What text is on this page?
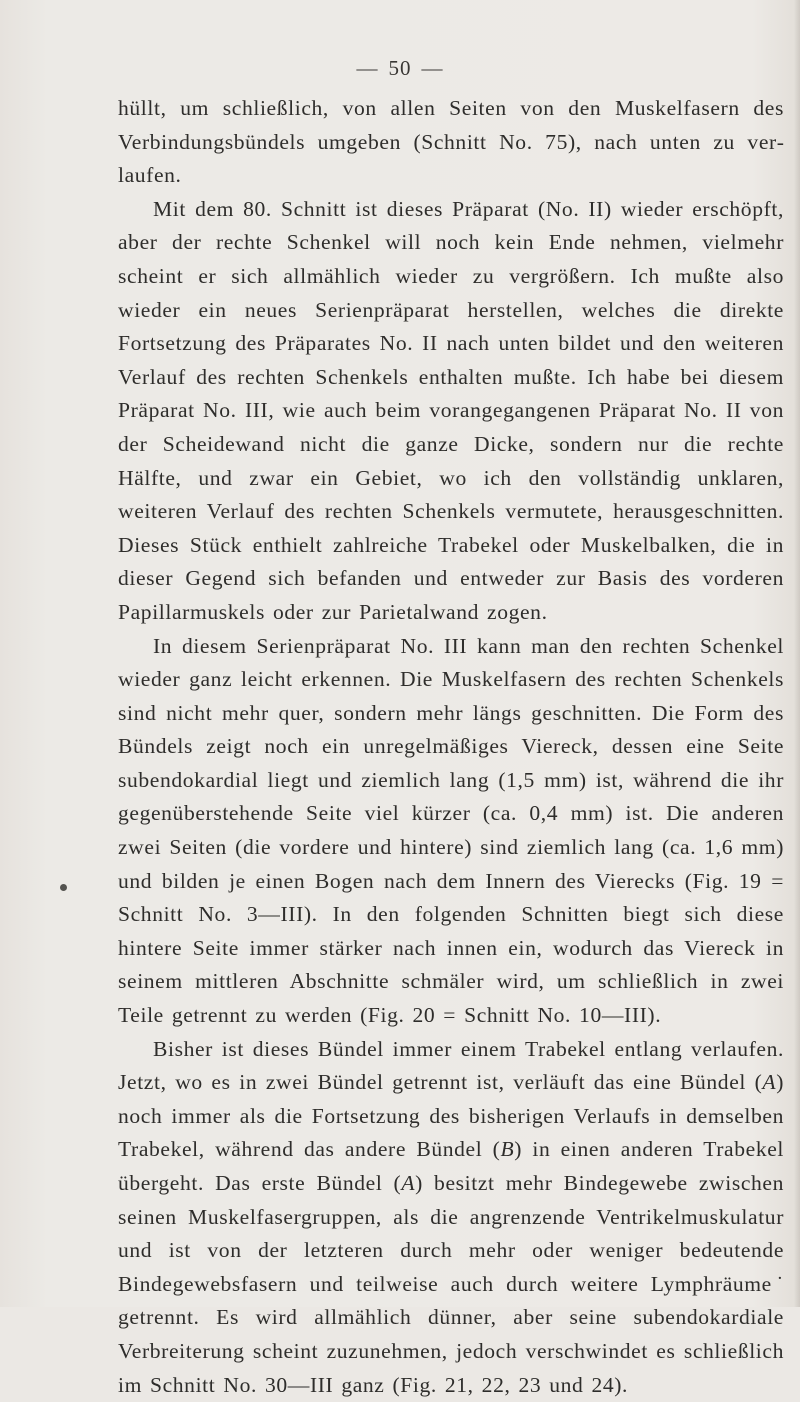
— 50 —

hüllt, um schließlich, von allen Seiten von den Muskelfasern des Verbindungsbündels umgeben (Schnitt No. 75), nach unten zu verlaufen.

Mit dem 80. Schnitt ist dieses Präparat (No. II) wieder erschöpft, aber der rechte Schenkel will noch kein Ende nehmen, vielmehr scheint er sich allmählich wieder zu vergrößern. Ich mußte also wieder ein neues Serienpräparat herstellen, welches die direkte Fortsetzung des Präparates No. II nach unten bildet und den weiteren Verlauf des rechten Schenkels enthalten mußte. Ich habe bei diesem Präparat No. III, wie auch beim vorangegangenen Präparat No. II von der Scheidewand nicht die ganze Dicke, sondern nur die rechte Hälfte, und zwar ein Gebiet, wo ich den vollständig unklaren, weiteren Verlauf des rechten Schenkels vermutete, herausgeschnitten. Dieses Stück enthielt zahlreiche Trabekel oder Muskelbalken, die in dieser Gegend sich befanden und entweder zur Basis des vorderen Papillarmuskels oder zur Parietalwand zogen.

In diesem Serienpräparat No. III kann man den rechten Schenkel wieder ganz leicht erkennen. Die Muskelfasern des rechten Schenkels sind nicht mehr quer, sondern mehr längs geschnitten. Die Form des Bündels zeigt noch ein unregelmäßiges Viereck, dessen eine Seite subendokardial liegt und ziemlich lang (1,5 mm) ist, während die ihr gegenüberstehende Seite viel kürzer (ca. 0,4 mm) ist. Die anderen zwei Seiten (die vordere und hintere) sind ziemlich lang (ca. 1,6 mm) und bilden je einen Bogen nach dem Innern des Vierecks (Fig. 19 = Schnitt No. 3—III). In den folgenden Schnitten biegt sich diese hintere Seite immer stärker nach innen ein, wodurch das Viereck in seinem mittleren Abschnitte schmäler wird, um schließlich in zwei Teile getrennt zu werden (Fig. 20 = Schnitt No. 10—III).

Bisher ist dieses Bündel immer einem Trabekel entlang verlaufen. Jetzt, wo es in zwei Bündel getrennt ist, verläuft das eine Bündel (A) noch immer als die Fortsetzung des bisherigen Verlaufs in demselben Trabekel, während das andere Bündel (B) in einen anderen Trabekel übergeht. Das erste Bündel (A) besitzt mehr Bindegewebe zwischen seinen Muskelfasergruppen, als die angrenzende Ventrikelmuskulatur und ist von der letzteren durch mehr oder weniger bedeutende Bindegewebsfasern und teilweise auch durch weitere Lymphräume˙ getrennt. Es wird allmählich dünner, aber seine subendokardiale Verbreiterung scheint zuzunehmen, jedoch verschwindet es schließlich im Schnitt No. 30—III ganz (Fig. 21, 22, 23 und 24).
